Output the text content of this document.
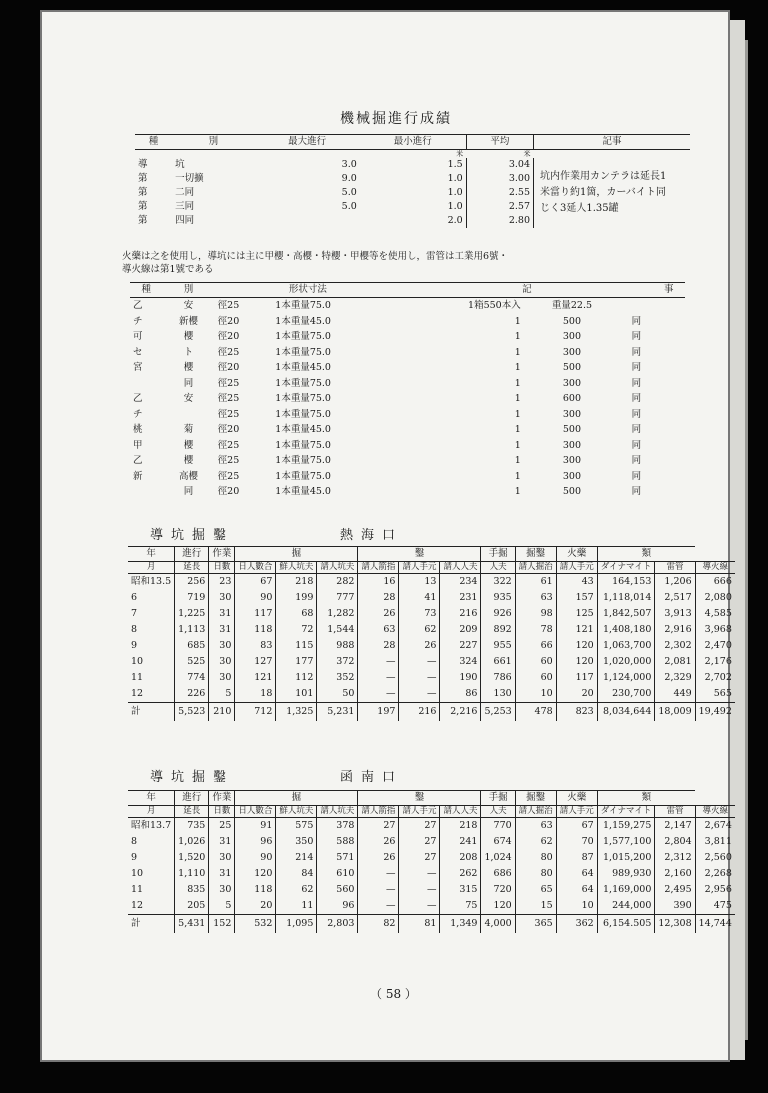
機械掘進行成績
種	別	最大進行	最小進行	平均	記事
			米	米	
導	坑	3.0	1.5	3.04	
第	一切擴	9.0	1.0	3.00	
第	二同	5.0	1.0	2.55	
第	三同	5.0	1.0	2.57	
第	四同		2.0	2.80	
坑内作業用カンテラは延長1
米當り約1箇，カーバイト同
じく3延人1.35罐
火藥は之を使用し，導坑には主に甲櫻・高櫻・特櫻・甲櫻等を使用し，雷管は工業用6號・
導火線は第1號である
種	別	形状寸法		記			事
乙	安	徑25	1本重量75.0	1箱550本入	重量22.5		
チ	新櫻	徑20	1本重量45.0	1	500	同	
可	櫻	徑20	1本重量75.0	1	300	同	
セ	ト	徑25	1本重量75.0	1	300	同	
宮	櫻	徑20	1本重量45.0	1	500	同	
	同	徑25	1本重量75.0	1	300	同	
乙	安	徑25	1本重量75.0	1	600	同	
チ		徑25	1本重量75.0	1	300	同	
桃	菊	徑20	1本重量45.0	1	500	同	
甲	櫻	徑25	1本重量75.0	1	300	同	
乙	櫻	徑25	1本重量75.0	1	300	同	
新	高櫻	徑25	1本重量75.0	1	300	同	
	同	徑20	1本重量45.0	1	500	同	
導坑掘鑿	熱海口
年	進行	作業	掘			鑿			手掘	掘鑿	火藥	類		
月	延長	日數	日人數合	鮮人坑夫	請人坑夫	請人箭指	請人手元	請人人夫	人夫	請人掘治	請人手元	ダイナマイト	雷管	導火線
昭和13.5	256	23	67	218	282	16	13	234	322	61	43	164,153	1,206	666
6	719	30	90	199	777	28	41	231	935	63	157	1,118,014	2,517	2,080
7	1,225	31	117	68	1,282	26	73	216	926	98	125	1,842,507	3,913	4,585
8	1,113	31	118	72	1,544	63	62	209	892	78	121	1,408,180	2,916	3,968
9	685	30	83	115	988	28	26	227	955	66	120	1,063,700	2,302	2,470
10	525	30	127	177	372	—	—	324	661	60	120	1,020,000	2,081	2,176
11	774	30	121	112	352	—	—	190	786	60	117	1,124,000	2,329	2,702
12	226	5	18	101	50	—	—	86	130	10	20	230,700	449	565
計	5,523	210	712	1,325	5,231	197	216	2,216	5,253	478	823	8,034,644	18,009	19,492
導坑掘鑿	函南口
年	進行	作業	掘			鑿			手掘	掘鑿	火藥	類		
月	延長	日數	日人數合	鮮人坑夫	請人坑夫	請人箭指	請人手元	請人人夫	人夫	請人掘治	請人手元	ダイナマイト	雷管	導火線
昭和13.7	735	25	91	575	378	27	27	218	770	63	67	1,159,275	2,147	2,674
8	1,026	31	96	350	588	26	27	241	674	62	70	1,577,100	2,804	3,811
9	1,520	30	90	214	571	26	27	208	1,024	80	87	1,015,200	2,312	2,560
10	1,110	31	120	84	610	—	—	262	686	80	64	989,930	2,160	2,268
11	835	30	118	62	560	—	—	315	720	65	64	1,169,000	2,495	2,956
12	205	5	20	11	96	—	—	75	120	15	10	244,000	390	475
計	5,431	152	532	1,095	2,803	82	81	1,349	4,000	365	362	6,154.505	12,308	14,744
（ 58 ）
